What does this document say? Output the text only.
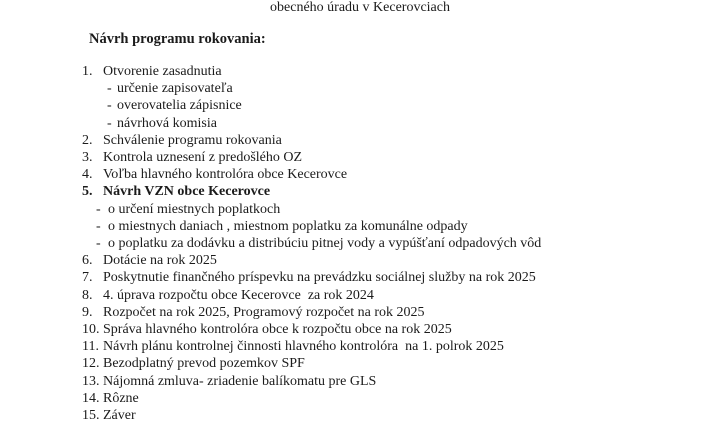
obecného úradu v Kecerovciach
Návrh programu rokovania:
1. Otvorenie zasadnutia
- určenie zapisovateľa
- overovatelia zápisnice
- návrhová komisia
2. Schválenie programu rokovania
3. Kontrola uznesení z predošlého OZ
4. Voľba hlavného kontrolóra obce Kecerovce
5. Návrh VZN obce Kecerovce
- o určení miestnych poplatkoch
- o miestnych daniach , miestnom poplatku za komunálne odpady
- o poplatku za dodávku a distribúciu pitnej vody a vypúšťaní odpadových vôd
6. Dotácie na rok 2025
7. Poskytnutie finančného príspevku na prevádzku sociálnej služby na rok 2025
8. 4. úprava rozpočtu obce Kecerovce  za rok 2024
9. Rozpočet na rok 2025, Programový rozpočet na rok 2025
10. Správa hlavného kontrolóra obce k rozpočtu obce na rok 2025
11. Návrh plánu kontrolnej činnosti hlavného kontrolóra  na 1. polrok 2025
12. Bezodplatný prevod pozemkov SPF
13. Nájomná zmluva- zriadenie balíkomatu pre GLS
14. Rôzne
15. Záver
